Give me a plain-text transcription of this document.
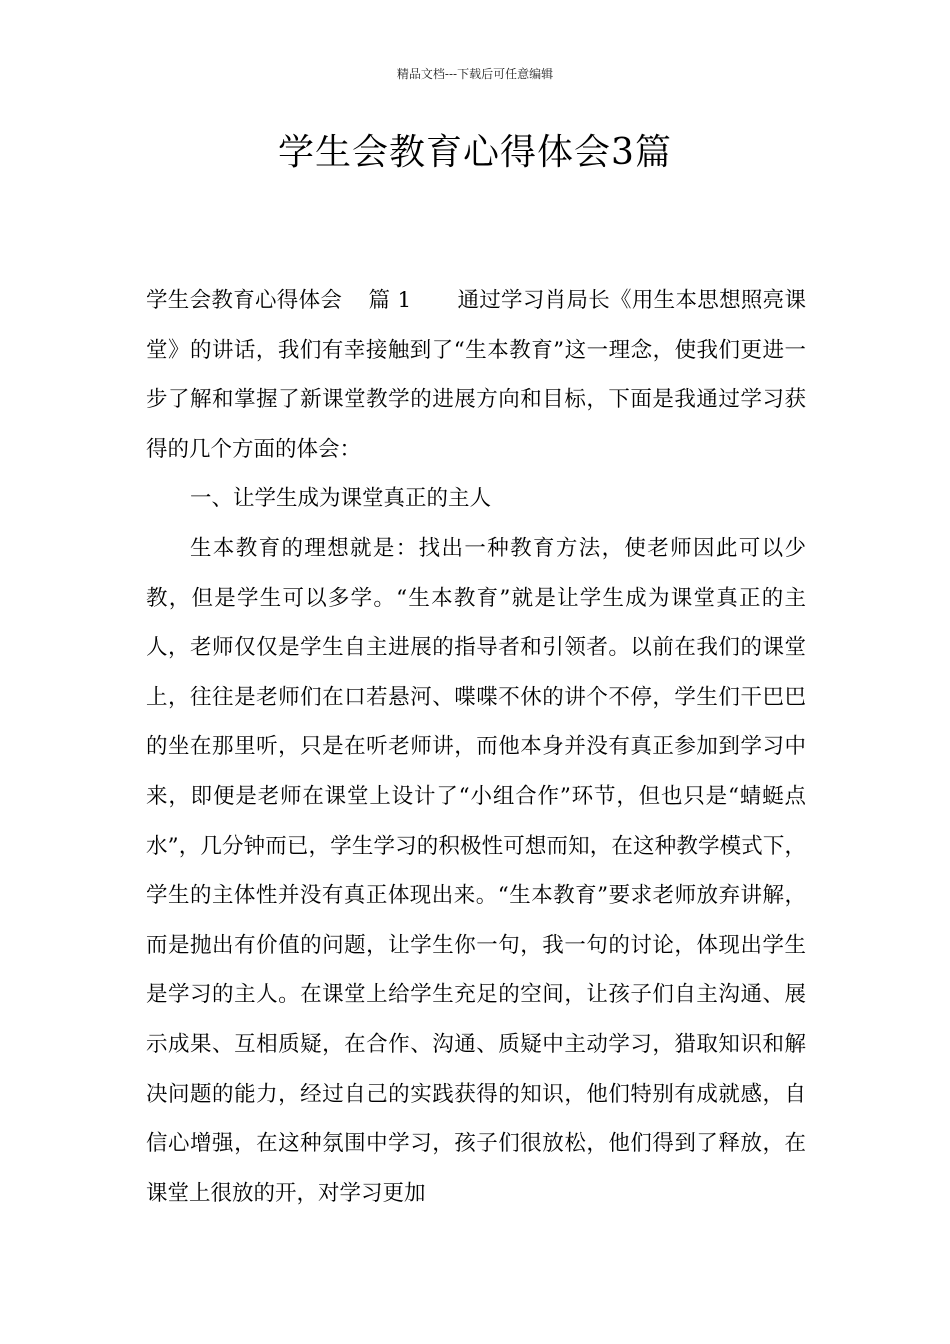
精品文档---下载后可任意编辑
学生会教育心得体会3篇

学生会教育心得体会 篇 1 通过学习肖局长《用生本思想照亮课堂》的讲话，我们有幸接触到了“生本教育”这一理念，使我们更进一步了解和掌握了新课堂教学的进展方向和目标，下面是我通过学习获得的几个方面的体会：

一、让学生成为课堂真正的主人

生本教育的理想就是：找出一种教育方法，使老师因此可以少教，但是学生可以多学。“生本教育”就是让学生成为课堂真正的主人，老师仅仅是学生自主进展的指导者和引领者。以前在我们的课堂上，往往是老师们在口若悬河、喋喋不休的讲个不停，学生们干巴巴的坐在那里听，只是在听老师讲，而他本身并没有真正参加到学习中来，即便是老师在课堂上设计了“小组合作”环节，但也只是“蜻蜓点水”，几分钟而已，学生学习的积极性可想而知，在这种教学模式下，学生的主体性并没有真正体现出来。“生本教育”要求老师放弃讲解，而是抛出有价值的问题，让学生你一句，我一句的讨论，体现出学生是学习的主人。在课堂上给学生充足的空间，让孩子们自主沟通、展示成果、互相质疑，在合作、沟通、质疑中主动学习，猎取知识和解决问题的能力，经过自己的实践获得的知识，他们特别有成就感，自信心增强，在这种氛围中学习，孩子们很放松，他们得到了释放，在课堂上很放的开，对学习更加
